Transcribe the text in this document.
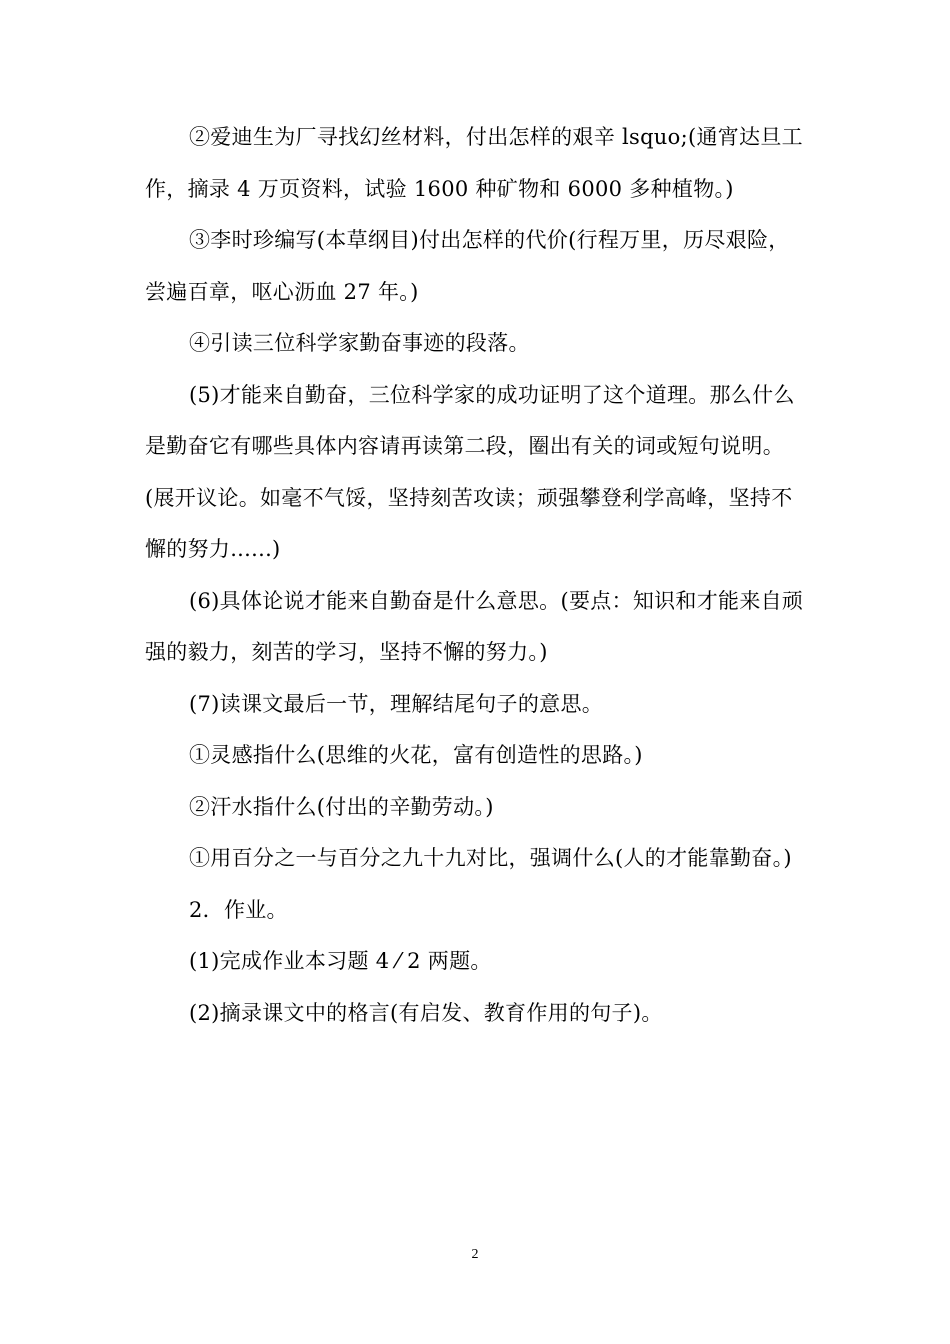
②爱迪生为厂寻找幻丝材料，付出怎样的艰辛 lsquo;(通宵达旦工作，摘录 4 万页资料，试验 1600 种矿物和 6000 多种植物。)

③李时珍编写(本草纲目)付出怎样的代价(行程万里，历尽艰险，尝遍百章，呕心沥血 27 年。)

④引读三位科学家勤奋事迹的段落。

(5)才能来自勤奋，三位科学家的成功证明了这个道理。那么什么是勤奋它有哪些具体内容请再读第二段，圈出有关的词或短句说明。(展开议论。如毫不气馁，坚持刻苦攻读；顽强攀登利学高峰，坚持不懈的努力......)

(6)具体论说才能来自勤奋是什么意思。(要点：知识和才能来自顽强的毅力，刻苦的学习，坚持不懈的努力。)

(7)读课文最后一节，理解结尾句子的意思。

①灵感指什么(思维的火花，富有创造性的思路。)

②汗水指什么(付出的辛勤劳动。)

①用百分之一与百分之九十九对比，强调什么(人的才能靠勤奋。)

2．作业。

(1)完成作业本习题 4 ⁄ 2 两题。

(2)摘录课文中的格言(有启发、教育作用的句子)。

2
